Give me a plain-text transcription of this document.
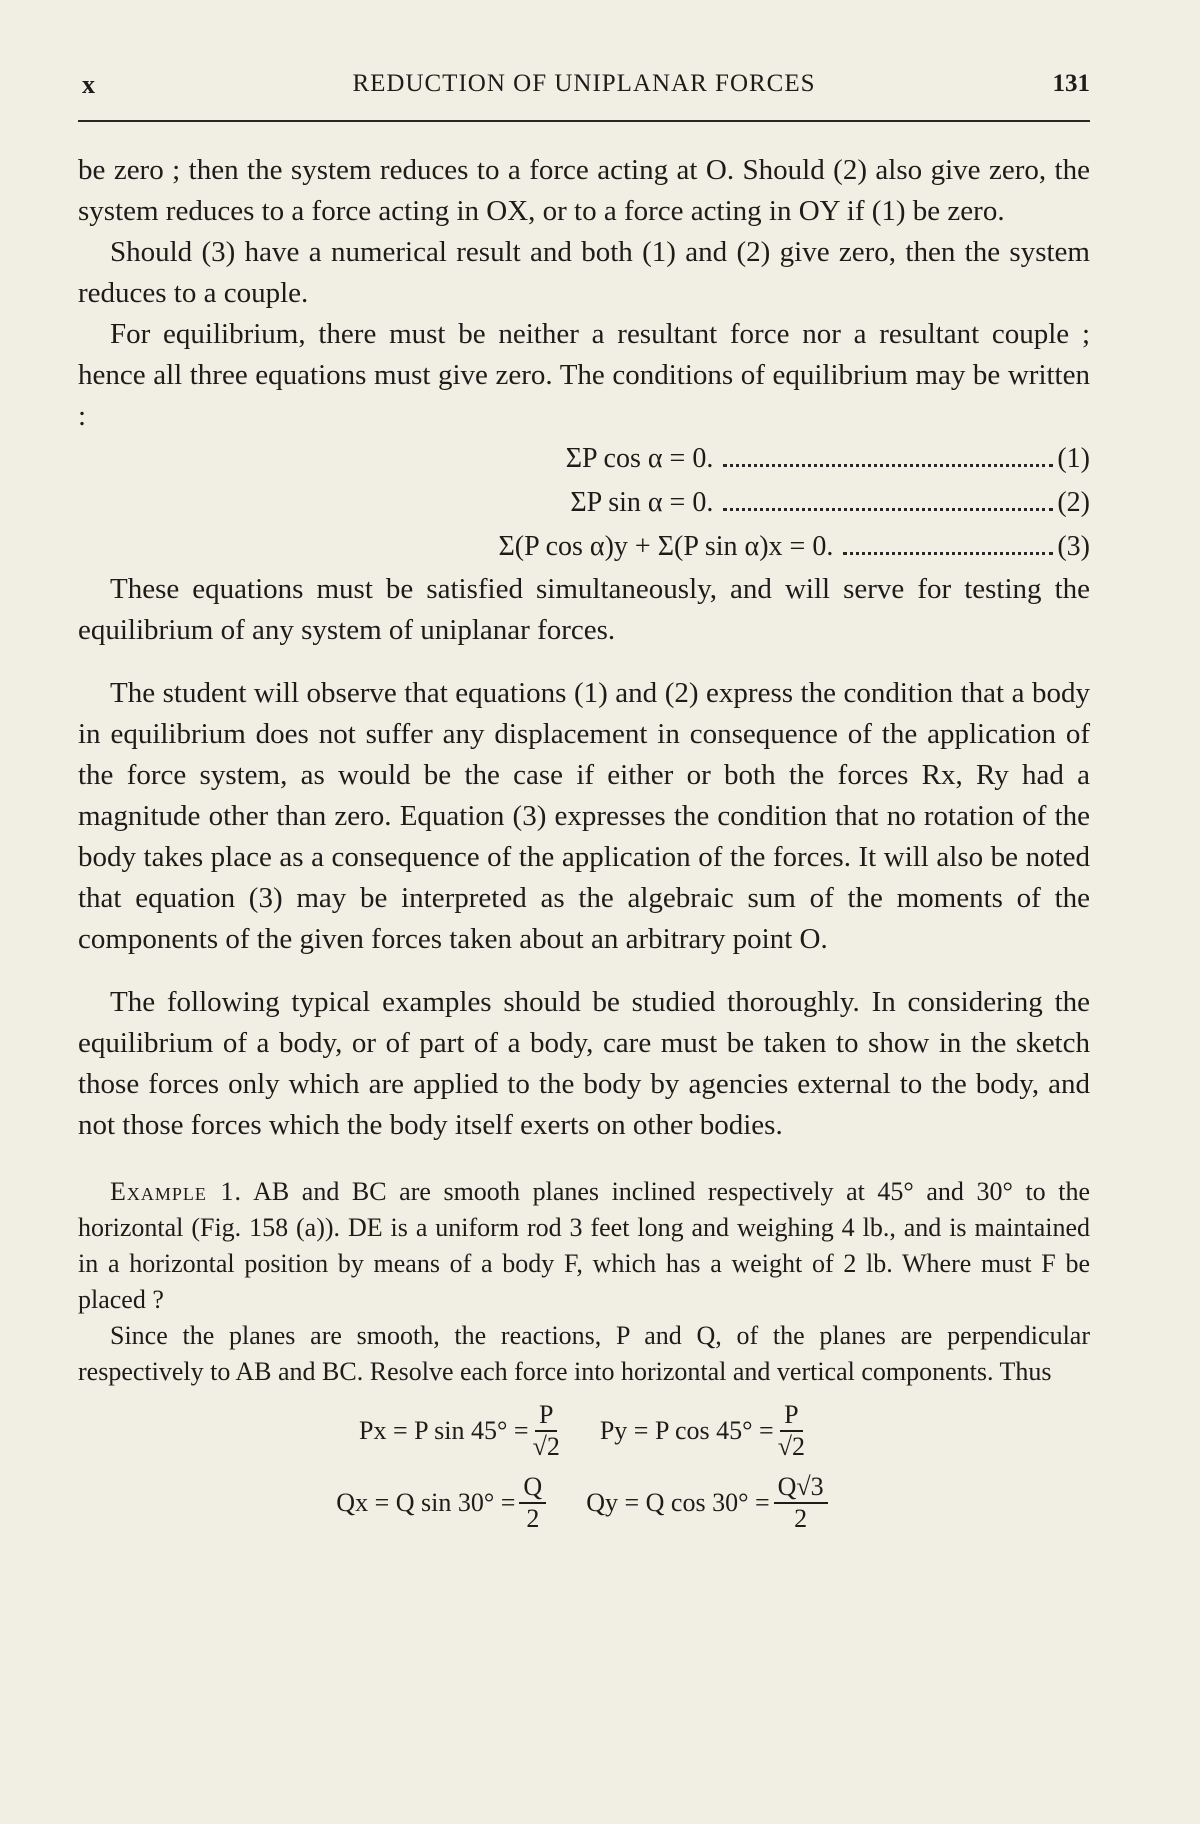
x	REDUCTION OF UNIPLANAR FORCES	131

be zero ; then the system reduces to a force acting at O. Should (2) also give zero, the system reduces to a force acting in OX, or to a force acting in OY if (1) be zero.

Should (3) have a numerical result and both (1) and (2) give zero, then the system reduces to a couple.

For equilibrium, there must be neither a resultant force nor a resultant couple ; hence all three equations must give zero. The conditions of equilibrium may be written :

ΣP cos α = 0.	(1)
ΣP sin α = 0.	(2)
Σ(P cos α)y + Σ(P sin α)x = 0.	(3)

These equations must be satisfied simultaneously, and will serve for testing the equilibrium of any system of uniplanar forces.

The student will observe that equations (1) and (2) express the condition that a body in equilibrium does not suffer any displacement in consequence of the application of the force system, as would be the case if either or both the forces Rx, Ry had a magnitude other than zero. Equation (3) expresses the condition that no rotation of the body takes place as a consequence of the application of the forces. It will also be noted that equation (3) may be interpreted as the algebraic sum of the moments of the components of the given forces taken about an arbitrary point O.

The following typical examples should be studied thoroughly. In considering the equilibrium of a body, or of part of a body, care must be taken to show in the sketch those forces only which are applied to the body by agencies external to the body, and not those forces which the body itself exerts on other bodies.

Example 1. AB and BC are smooth planes inclined respectively at 45° and 30° to the horizontal (Fig. 158 (a)). DE is a uniform rod 3 feet long and weighing 4 lb., and is maintained in a horizontal position by means of a body F, which has a weight of 2 lb. Where must F be placed ?

Since the planes are smooth, the reactions, P and Q, of the planes are perpendicular respectively to AB and BC. Resolve each force into horizontal and vertical components. Thus

Px = P $\sin 45^\circ = \frac{P}{√2}$ Py = P $\cos 45^\circ = \frac{P}{√2}$
Qx = Q $\sin 30^\circ = \frac{Q}{2}$ Qy = Q $\cos 30^\circ = \frac{Q√3}{2}$
